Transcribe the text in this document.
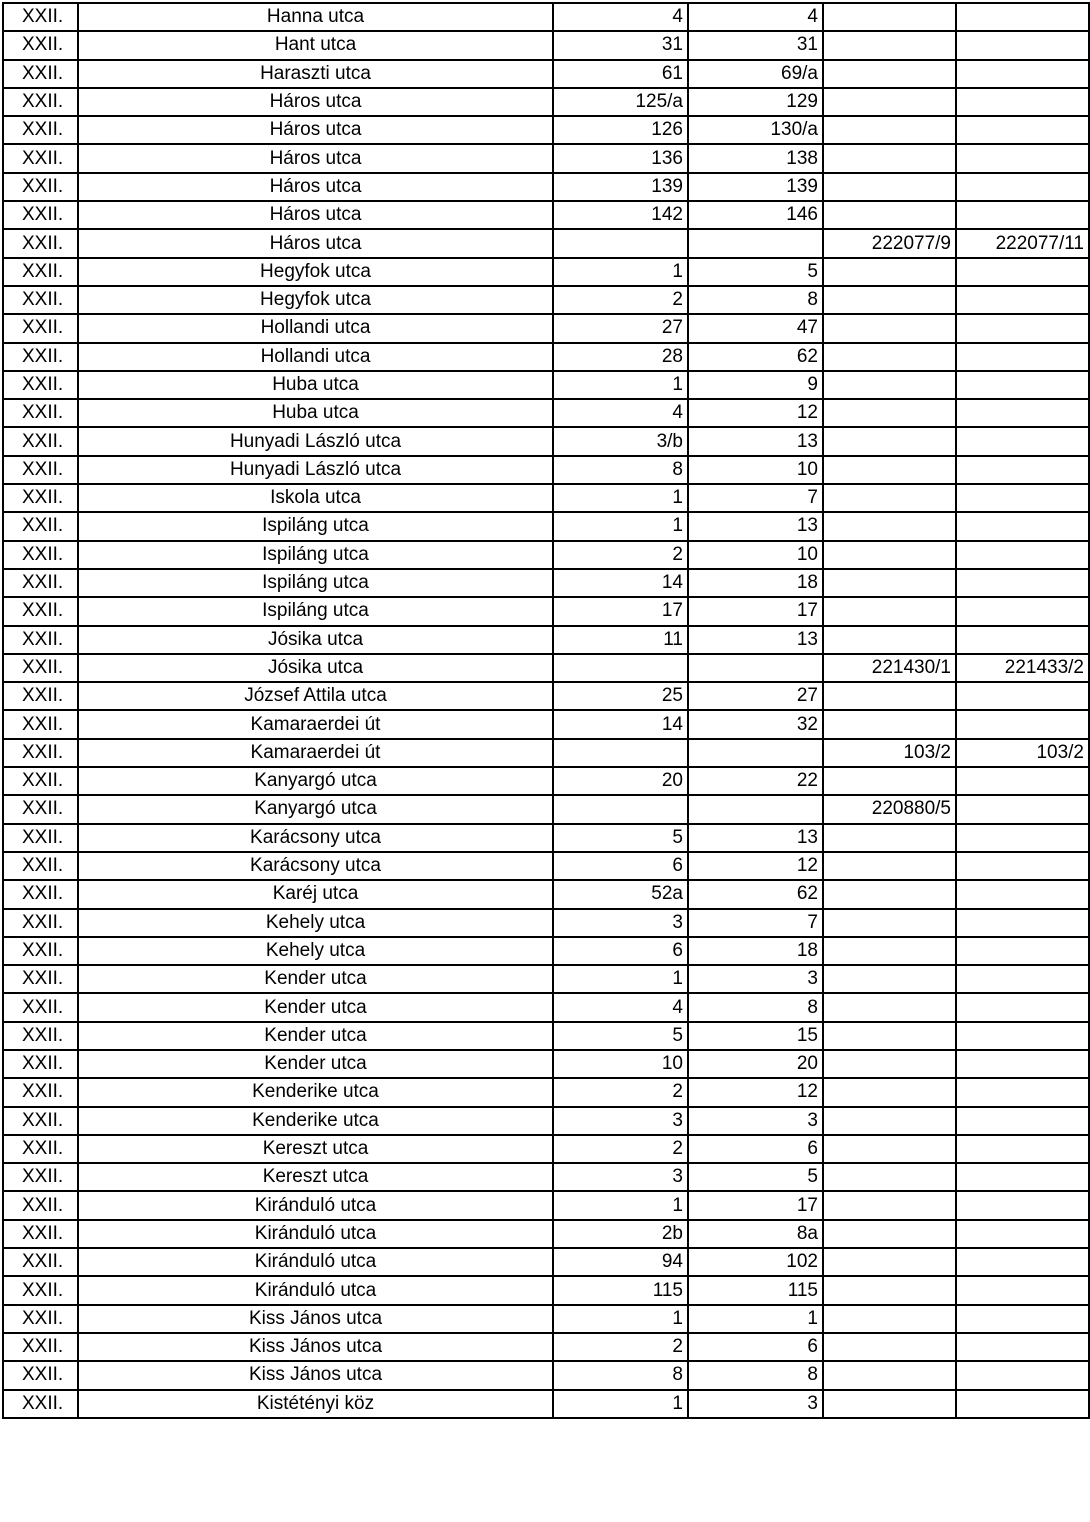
XXII.	Hanna utca	4	4		
XXII.	Hant utca	31	31		
XXII.	Haraszti utca	61	69/a		
XXII.	Háros utca	125/a	129		
XXII.	Háros utca	126	130/a		
XXII.	Háros utca	136	138		
XXII.	Háros utca	139	139		
XXII.	Háros utca	142	146		
XXII.	Háros utca			222077/9	222077/11
XXII.	Hegyfok utca	1	5		
XXII.	Hegyfok utca	2	8		
XXII.	Hollandi utca	27	47		
XXII.	Hollandi utca	28	62		
XXII.	Huba utca	1	9		
XXII.	Huba utca	4	12		
XXII.	Hunyadi László utca	3/b	13		
XXII.	Hunyadi László utca	8	10		
XXII.	Iskola utca	1	7		
XXII.	Ispiláng utca	1	13		
XXII.	Ispiláng utca	2	10		
XXII.	Ispiláng utca	14	18		
XXII.	Ispiláng utca	17	17		
XXII.	Jósika utca	11	13		
XXII.	Jósika utca			221430/1	221433/2
XXII.	József Attila utca	25	27		
XXII.	Kamaraerdei út	14	32		
XXII.	Kamaraerdei út			103/2	103/2
XXII.	Kanyargó utca	20	22		
XXII.	Kanyargó utca			220880/5	
XXII.	Karácsony utca	5	13		
XXII.	Karácsony utca	6	12		
XXII.	Karéj utca	52a	62		
XXII.	Kehely utca	3	7		
XXII.	Kehely utca	6	18		
XXII.	Kender utca	1	3		
XXII.	Kender utca	4	8		
XXII.	Kender utca	5	15		
XXII.	Kender utca	10	20		
XXII.	Kenderike utca	2	12		
XXII.	Kenderike utca	3	3		
XXII.	Kereszt utca	2	6		
XXII.	Kereszt utca	3	5		
XXII.	Kiránduló utca	1	17		
XXII.	Kiránduló utca	2b	8a		
XXII.	Kiránduló utca	94	102		
XXII.	Kiránduló utca	115	115		
XXII.	Kiss János utca	1	1		
XXII.	Kiss János utca	2	6		
XXII.	Kiss János utca	8	8		
XXII.	Kistétényi köz	1	3		
